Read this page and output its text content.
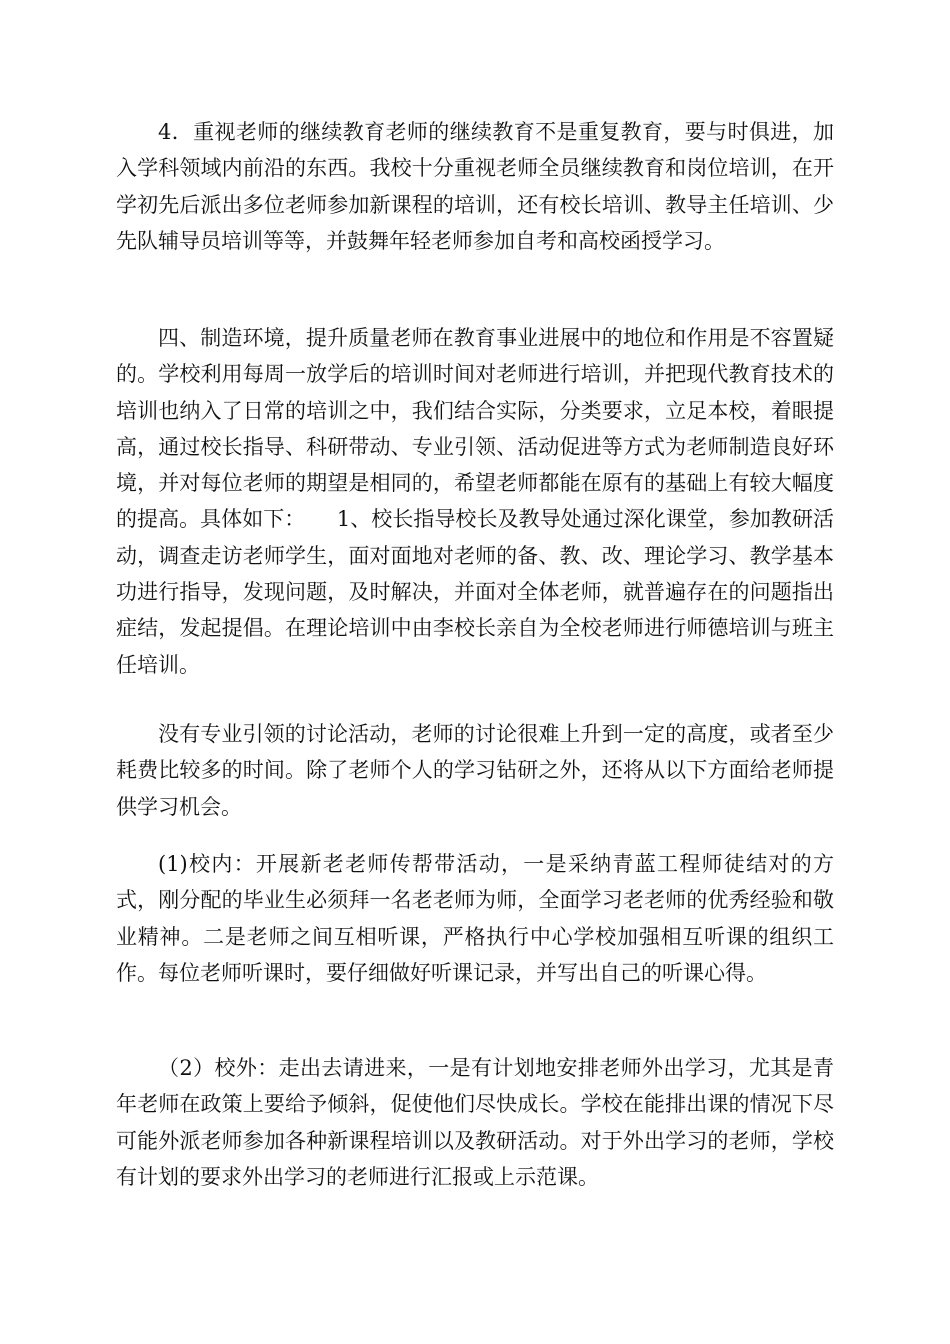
4．重视老师的继续教育老师的继续教育不是重复教育，要与时俱进，加入学科领域内前沿的东西。我校十分重视老师全员继续教育和岗位培训，在开学初先后派出多位老师参加新课程的培训，还有校长培训、教导主任培训、少先队辅导员培训等等，并鼓舞年轻老师参加自考和高校函授学习。

四、制造环境，提升质量老师在教育事业进展中的地位和作用是不容置疑的。学校利用每周一放学后的培训时间对老师进行培训，并把现代教育技术的培训也纳入了日常的培训之中，我们结合实际，分类要求，立足本校，着眼提高，通过校长指导、科研带动、专业引领、活动促进等方式为老师制造良好环境，并对每位老师的期望是相同的，希望老师都能在原有的基础上有较大幅度的提高。具体如下：　　1、校长指导校长及教导处通过深化课堂，参加教研活动，调查走访老师学生，面对面地对老师的备、教、改、理论学习、教学基本功进行指导，发现问题，及时解决，并面对全体老师，就普遍存在的问题指出症结，发起提倡。在理论培训中由李校长亲自为全校老师进行师德培训与班主任培训。

没有专业引领的讨论活动，老师的讨论很难上升到一定的高度，或者至少耗费比较多的时间。除了老师个人的学习钻研之外，还将从以下方面给老师提供学习机会。

(1)校内：开展新老老师传帮带活动，一是采纳青蓝工程师徒结对的方式，刚分配的毕业生必须拜一名老老师为师，全面学习老老师的优秀经验和敬业精神。二是老师之间互相听课，严格执行中心学校加强相互听课的组织工作。每位老师听课时，要仔细做好听课记录，并写出自己的听课心得。

（2）校外：走出去请进来，一是有计划地安排老师外出学习，尤其是青年老师在政策上要给予倾斜，促使他们尽快成长。学校在能排出课的情况下尽可能外派老师参加各种新课程培训以及教研活动。对于外出学习的老师，学校有计划的要求外出学习的老师进行汇报或上示范课。
